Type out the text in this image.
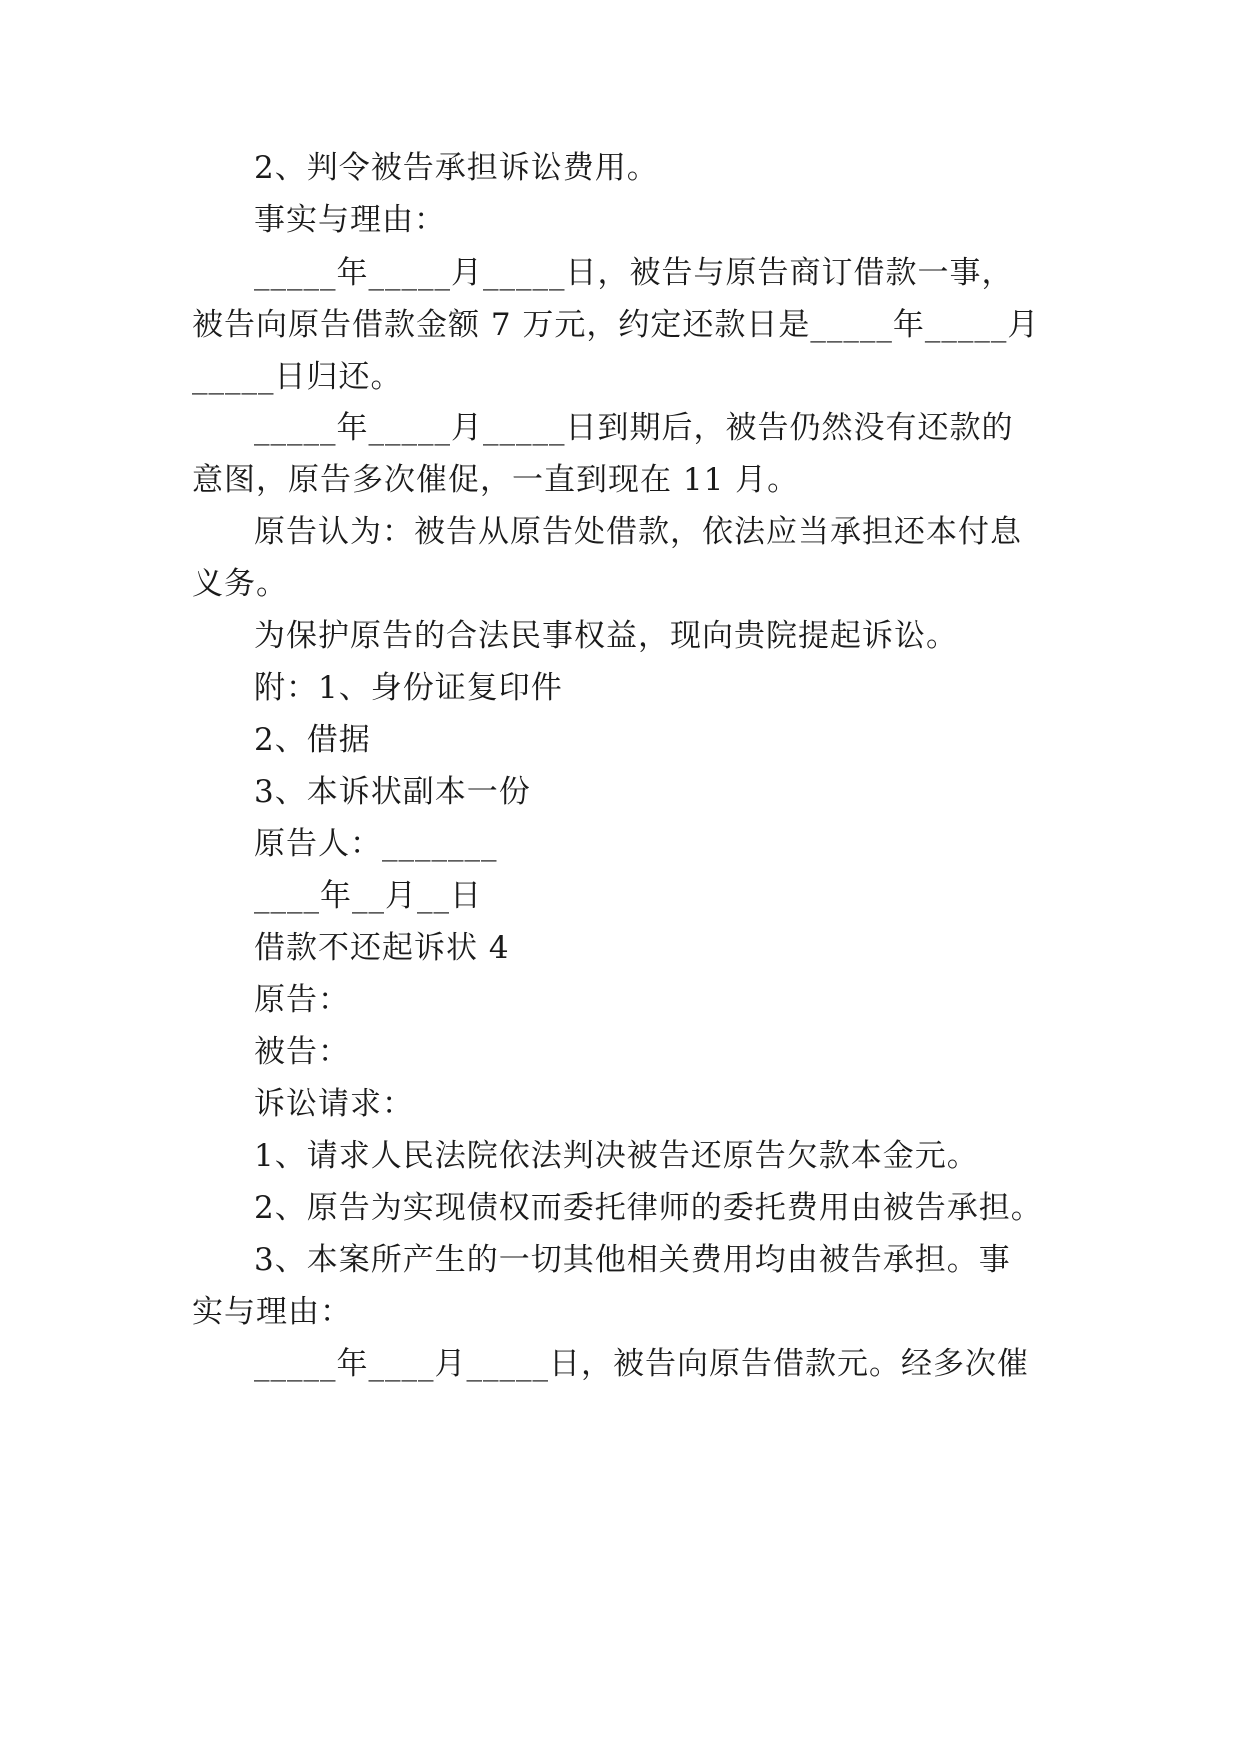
2、判令被告承担诉讼费用。

事实与理由：

_____年_____月_____日，被告与原告商订借款一事，

被告向原告借款金额 7 万元，约定还款日是_____年_____月

_____日归还。

_____年_____月_____日到期后，被告仍然没有还款的

意图，原告多次催促，一直到现在 11 月。

原告认为：被告从原告处借款，依法应当承担还本付息

义务。

为保护原告的合法民事权益，现向贵院提起诉讼。

附：1、身份证复印件

2、借据

3、本诉状副本一份

原告人：_______

____年__月__日

借款不还起诉状 4

原告：

被告：

诉讼请求：

1、请求人民法院依法判决被告还原告欠款本金元。

2、原告为实现债权而委托律师的委托费用由被告承担。

3、本案所产生的一切其他相关费用均由被告承担。事

实与理由：

_____年____月_____日，被告向原告借款元。经多次催
